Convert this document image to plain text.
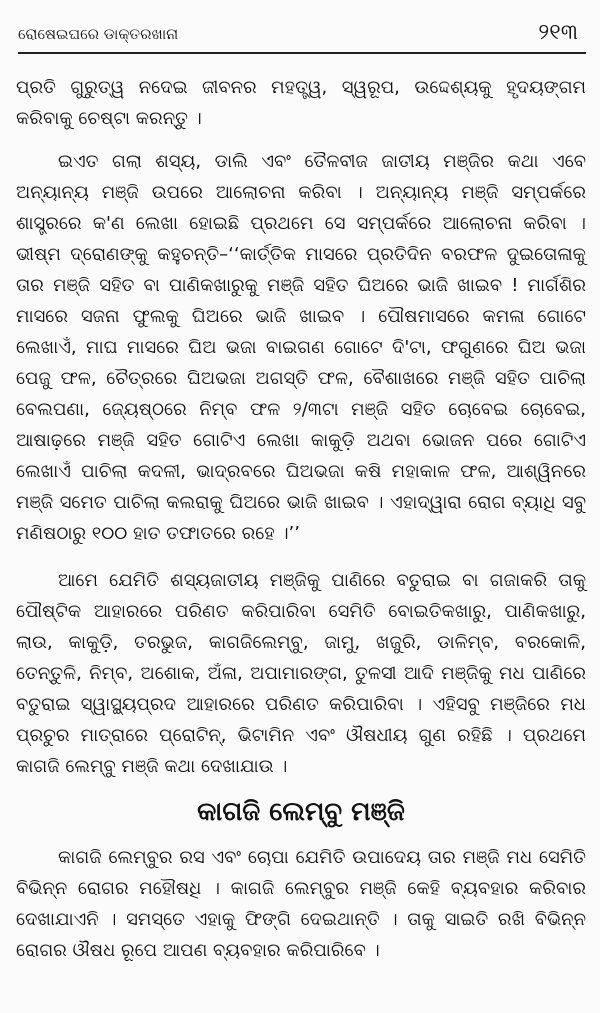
ରୋଷେଇଘରେ ଡାକ୍ତରଖାନା	୨୧୩

ପ୍ରତି ଗୁରୁତ୍ୱ ନଦେଇ ଜୀବନର ମହତ୍ତ୍ୱ, ସ୍ୱରୂପ, ଉଦ୍ଦେଶ୍ୟକୁ ହୃଦୟଙ୍ଗମ କରିବାକୁ ଚେଷ୍ଟା କରନ୍ତୁ ।

ଇଏତ ଗଲା ଶସ୍ୟ, ଡାଲି ଏବଂ ତୈଳବୀଜ ଜାତୀୟ ମଞ୍ଜିର କଥା ଏବେ ଅନ୍ୟାନ୍ୟ ମଞ୍ଜି ଉପରେ ଆଲୋଚନା କରିବା । ଅନ୍ୟାନ୍ୟ ମଞ୍ଜି ସମ୍ପର୍କରେ ଶାସ୍ତ୍ରରେ କ'ଣ ଲେଖା ହୋଇଛି ପ୍ରଥମେ ସେ ସମ୍ପର୍କରେ ଆଲୋଚନା କରିବା । ଭୀଷ୍ମ ଦ୍ରୋଣଙ୍କୁ କହୁଚନ୍ତି–‘‘କାର୍ତ୍ତିକ ମାସରେ ପ୍ରତିଦିନ ବରଫଳ ଦୁଇତୋଳାକୁ ତାର ମଞ୍ଜି ସହିତ ବା ପାଣିକଖାରୁକୁ ମଞ୍ଜି ସହିତ ଘିଅରେ ଭାଜି ଖାଇବ ! ମାର୍ଗଶିର ମାସରେ ସଜନା ଫୁଲକୁ ଘିଅରେ ଭାଜି ଖାଇବ । ପୌଷମାସରେ କମଳା ଗୋଟେ ଲେଖାଏଁ, ମାଘ ମାସରେ ଘିଅ ଭଜା ବାଇଗଣ ଗୋଟେ ଦି'ଟା, ଫଗୁଣରେ ଘିଅ ଭଜା ପେଜୁ ଫଳ, ଚୈତ୍ରରେ ଘିଅଭଜା ଅଗସ୍ତି ଫଳ, ବୈଶାଖରେ ମଞ୍ଜି ସହିତ ପାଚିଲା ବେଲପଣା, ଜ୍ୟେଷ୍ଠରେ ନିମ୍ବ ଫଳ ୨/୩ଟା ମଞ୍ଜି ସହିତ ଚୋବେଇ ଚୋବେଇ, ଆଷାଢ଼ରେ ମଞ୍ଜି ସହିତ ଗୋଟିଏ ଲେଖା କାକୁଡ଼ି ଅଥବା ଭୋଜନ ପରେ ଗୋଟିଏ ଲେଖାଏଁ ପାଚିଲା କଦଳୀ, ଭାଦ୍ରବରେ ଘିଅଭଜା କଷି ମହାକାଳ ଫଳ, ଆଶ୍ୱିନରେ ମଞ୍ଜି ସମେତ ପାଚିଲା କଲରାକୁ ଘିଅରେ ଭାଜି ଖାଇବ । ଏହାଦ୍ୱାରା ରୋଗ ବ୍ୟାଧି ସବୁ ମଣିଷଠାରୁ ୧୦୦ ହାତ ତଫାତରେ ରହେ ।’’

ଆମେ ଯେମିତି ଶସ୍ୟଜାତୀୟ ମଞ୍ଜିକୁ ପାଣିରେ ବତୁରାଇ ବା ଗଜାକରି ତାକୁ ପୌଷ୍ଟିକ ଆହାରରେ ପରିଣତ କରିପାରିବା ସେମିତି ବୋଇତିକଖାରୁ, ପାଣିକଖାରୁ, ଲାଉ, କାକୁଡ଼ି, ତରଭୁଜ, କାଗଜିଲେମ୍ବୁ, ଜାମୁ, ଖଜୁରି, ଡାଳିମ୍ବ, ବରକୋଳି, ତେନ୍ତୁଳି, ନିମ୍ବ, ଅଶୋକ, ଅଁଳା, ଅପାମାରଙ୍ଗ, ତୁଳସୀ ଆଦି ମଞ୍ଜିକୁ ମଧ ପାଣିରେ ବତୁରାଇ ସ୍ୱାସ୍ଥ୍ୟପ୍ରଦ ଆହାରରେ ପରିଣତ କରିପାରିବା । ଏହିସବୁ ମଞ୍ଜିରେ ମଧ ପ୍ରଚୁର ମାତ୍ରାରେ ପ୍ରୋଟିନ୍, ଭିଟାମିନ ଏବଂ ଔଷଧୀୟ ଗୁଣ ରହିଛି । ପ୍ରଥମେ କାଗଜି ଲେମ୍ବୁ ମଞ୍ଜି କଥା ଦେଖାଯାଉ ।

କାଗଜି ଲେମ୍ବୁ ମଞ୍ଜି

କାଗଜି ଲେମ୍ବୁର ରସ ଏବଂ ଚୋପା ଯେମିତି ଉପାଦେୟ ତାର ମଞ୍ଜି ମଧ ସେମିତି ବିଭିନ୍ନ ରୋଗର ମହୌଷଧି । କାଗଜି ଲେମ୍ବୁର ମଞ୍ଜି କେହି ବ୍ୟବହାର କରିବାର ଦେଖାଯାଏନି । ସମସ୍ତେ ଏହାକୁ ଫିଙ୍ଗି ଦେଇଥାନ୍ତି । ତାକୁ ସାଇତି ରଖି ବିଭିନ୍ନ ରୋଗର ଔଷଧ ରୂପେ ଆପଣ ବ୍ୟବହାର କରିପାରିବେ ।
